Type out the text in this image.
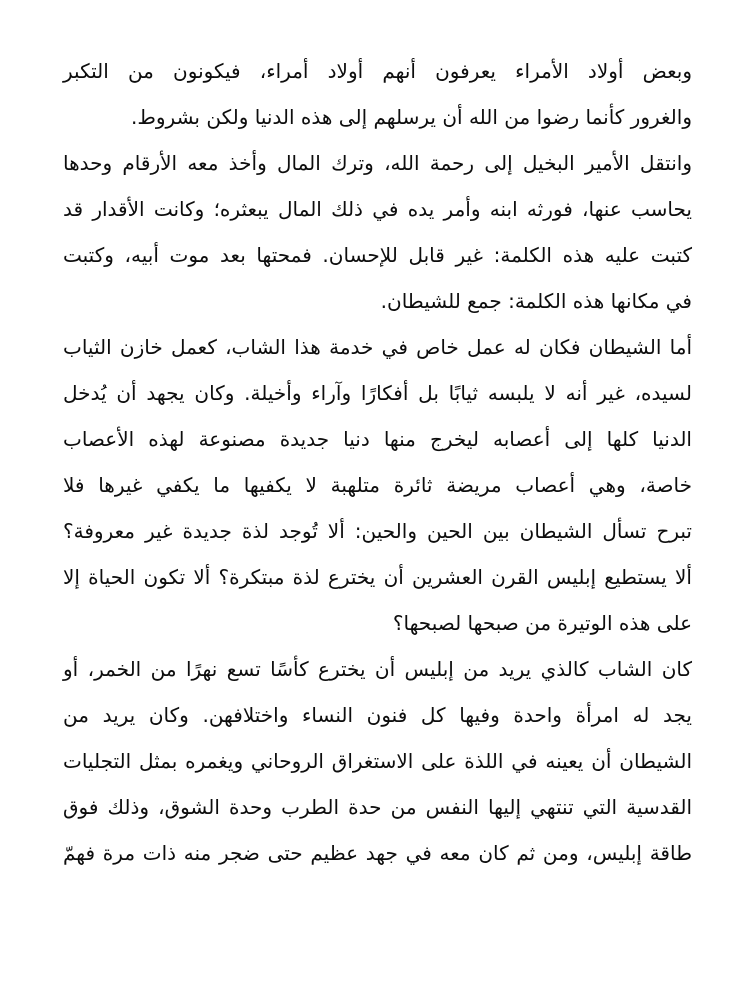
وبعض أولاد الأمراء يعرفون أنهم أولاد أمراء، فيكونون من التكبر
والغرور كأنما رضوا من الله أن يرسلهم إلى هذه الدنيا ولكن بشروط.
وانتقل الأمير البخيل إلى رحمة الله، وترك المال وأخذ معه الأرقام وحدها
يحاسب عنها، فورثه ابنه وأمر يده في ذلك المال يبعثره؛ وكانت الأقدار قد
كتبت عليه هذه الكلمة: غير قابل للإحسان. فمحتها بعد موت أبيه، وكتبت
في مكانها هذه الكلمة: جمع للشيطان.
أما الشيطان فكان له عمل خاص في خدمة هذا الشاب، كعمل خازن الثياب
لسيده، غير أنه لا يلبسه ثيابًا بل أفكارًا وآراء وأخيلة. وكان يجهد أن يُدخل
الدنيا كلها إلى أعصابه ليخرج منها دنيا جديدة مصنوعة لهذه الأعصاب
خاصة، وهي أعصاب مريضة ثائرة متلهبة لا يكفيها ما يكفي غيرها فلا
تبرح تسأل الشيطان بين الحين والحين: ألا تُوجد لذة جديدة غير معروفة؟
ألا يستطيع إبليس القرن العشرين أن يخترع لذة مبتكرة؟ ألا تكون الحياة إلا
على هذه الوتيرة من صبحها لصبحها؟
كان الشاب كالذي يريد من إبليس أن يخترع كأسًا تسع نهرًا من الخمر، أو
يجد له امرأة واحدة وفيها كل فنون النساء واختلافهن. وكان يريد من
الشيطان أن يعينه في اللذة على الاستغراق الروحاني ويغمره بمثل التجليات
القدسية التي تنتهي إليها النفس من حدة الطرب وحدة الشوق، وذلك فوق
طاقة إبليس، ومن ثم كان معه في جهد عظيم حتى ضجر منه ذات مرة فهمّ
